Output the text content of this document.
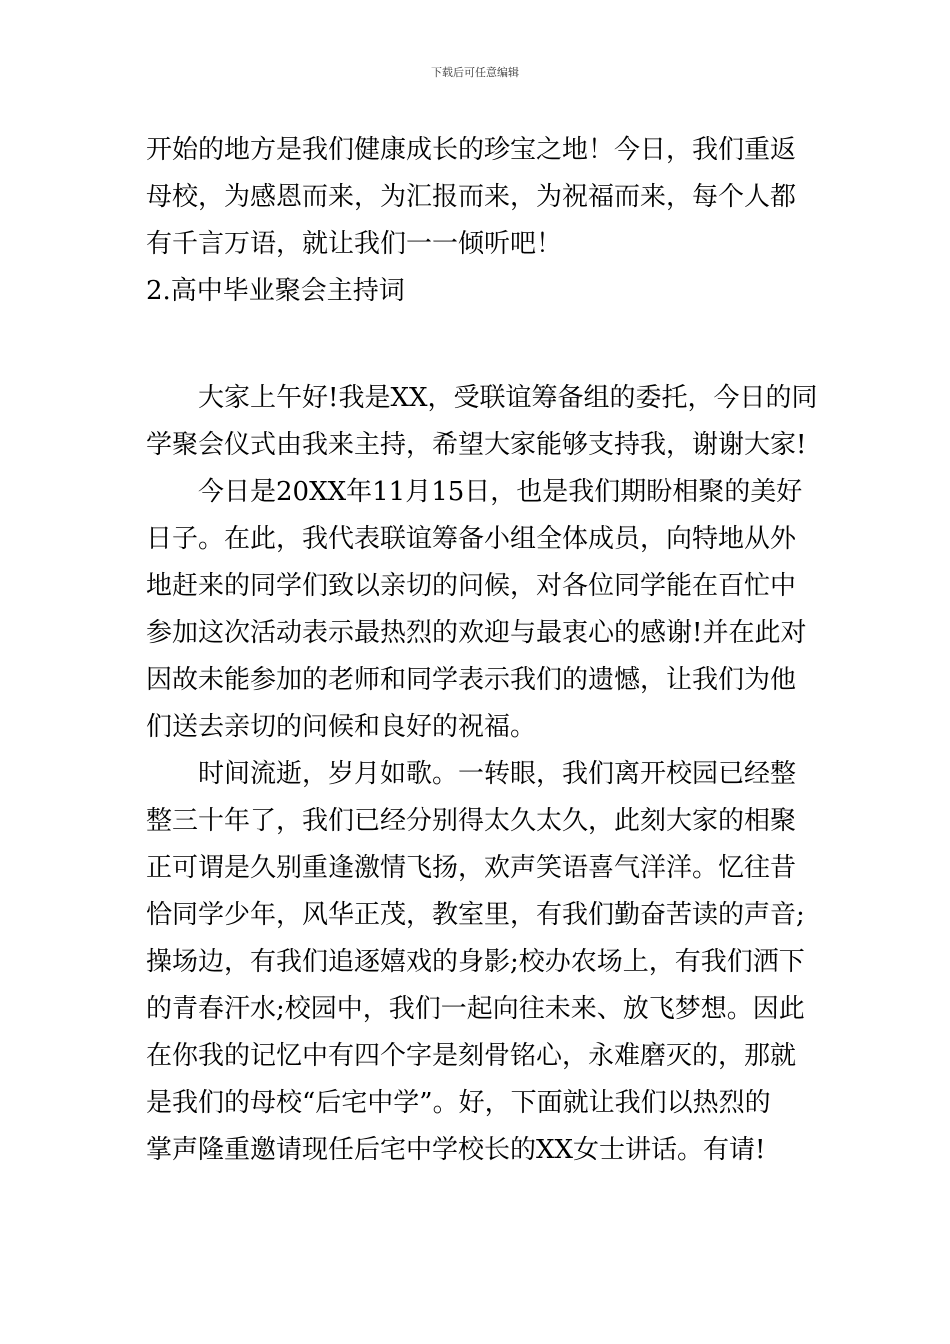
下载后可任意编辑
开始的地方是我们健康成长的珍宝之地！今日，我们重返
母校，为感恩而来，为汇报而来，为祝福而来，每个人都
有千言万语，就让我们一一倾听吧！
2.高中毕业聚会主持词
大家上午好!我是XX，受联谊筹备组的委托，今日的同
学聚会仪式由我来主持，希望大家能够支持我，谢谢大家!
今日是20XX年11月15日，也是我们期盼相聚的美好
日子。在此，我代表联谊筹备小组全体成员，向特地从外
地赶来的同学们致以亲切的问候，对各位同学能在百忙中
参加这次活动表示最热烈的欢迎与最衷心的感谢!并在此对
因故未能参加的老师和同学表示我们的遗憾，让我们为他
们送去亲切的问候和良好的祝福。
时间流逝，岁月如歌。一转眼，我们离开校园已经整
整三十年了，我们已经分别得太久太久，此刻大家的相聚
正可谓是久别重逢激情飞扬，欢声笑语喜气洋洋。忆往昔
恰同学少年，风华正茂，教室里，有我们勤奋苦读的声音;
操场边，有我们追逐嬉戏的身影;校办农场上，有我们洒下
的青春汗水;校园中，我们一起向往未来、放飞梦想。因此
在你我的记忆中有四个字是刻骨铭心，永难磨灭的，那就
是我们的母校“后宅中学”。好，下面就让我们以热烈的
掌声隆重邀请现任后宅中学校长的XX女士讲话。有请!
